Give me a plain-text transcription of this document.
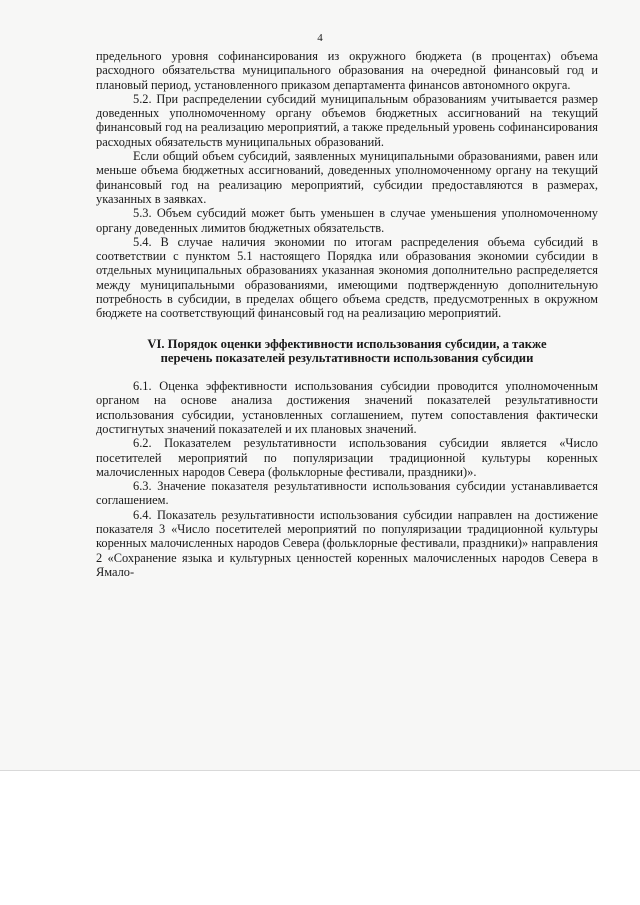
4

предельного уровня софинансирования из окружного бюджета (в процентах) объема расходного обязательства муниципального образования на очередной финансовый год и плановый период, установленного приказом департамента финансов автономного округа.

5.2. При распределении субсидий муниципальным образованиям учитывается размер доведенных уполномоченному органу объемов бюджетных ассигнований на текущий финансовый год на реализацию мероприятий, а также предельный уровень софинансирования расходных обязательств муниципальных образований.

Если общий объем субсидий, заявленных муниципальными образованиями, равен или меньше объема бюджетных ассигнований, доведенных уполномоченному органу на текущий финансовый год на реализацию мероприятий, субсидии предоставляются в размерах, указанных в заявках.

5.3. Объем субсидий может быть уменьшен в случае уменьшения уполномоченному органу доведенных лимитов бюджетных обязательств.

5.4. В случае наличия экономии по итогам распределения объема субсидий в соответствии с пунктом 5.1 настоящего Порядка или образования экономии субсидии в отдельных муниципальных образованиях указанная экономия дополнительно распределяется между муниципальными образованиями, имеющими подтвержденную дополнительную потребность в субсидии, в пределах общего объема средств, предусмотренных в окружном бюджете на соответствующий финансовый год на реализацию мероприятий.

VI. Порядок оценки эффективности использования субсидии, а также перечень показателей результативности использования субсидии

6.1. Оценка эффективности использования субсидии проводится уполномоченным органом на основе анализа достижения значений показателей результативности использования субсидии, установленных соглашением, путем сопоставления фактически достигнутых значений показателей и их плановых значений.

6.2. Показателем результативности использования субсидии является «Число посетителей мероприятий по популяризации традиционной культуры коренных малочисленных народов Севера (фольклорные фестивали, праздники)».

6.3. Значение показателя результативности использования субсидии устанавливается соглашением.

6.4. Показатель результативности использования субсидии направлен на достижение показателя 3 «Число посетителей мероприятий по популяризации традиционной культуры коренных малочисленных народов Севера (фольклорные фестивали, праздники)» направления 2 «Сохранение языка и культурных ценностей коренных малочисленных народов Севера в Ямало-
